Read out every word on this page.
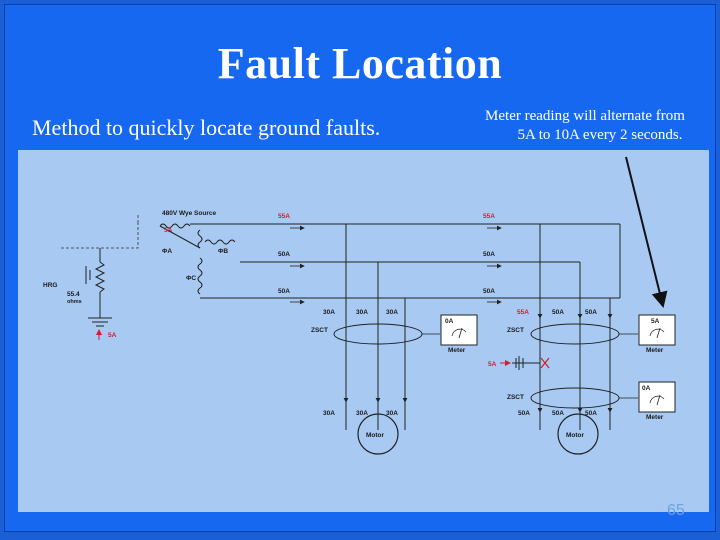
Fault Location
Method to quickly locate ground faults.	Meter reading will alternate from
5A to 10A every 2 seconds.
65
480V Wye Source
5A
ΦA	ΦB
ΦC
55A
50A
50A
55A
50A
50A
HRG
55.4
ohms
5A
ZSCT
30A	30A	30A
30A	30A	30A
Motor
0A
Meter
ZSCT
ZSCT
55A	50A	50A
50A	50A	50A
Motor
5A
5A
Meter
0A
Meter
